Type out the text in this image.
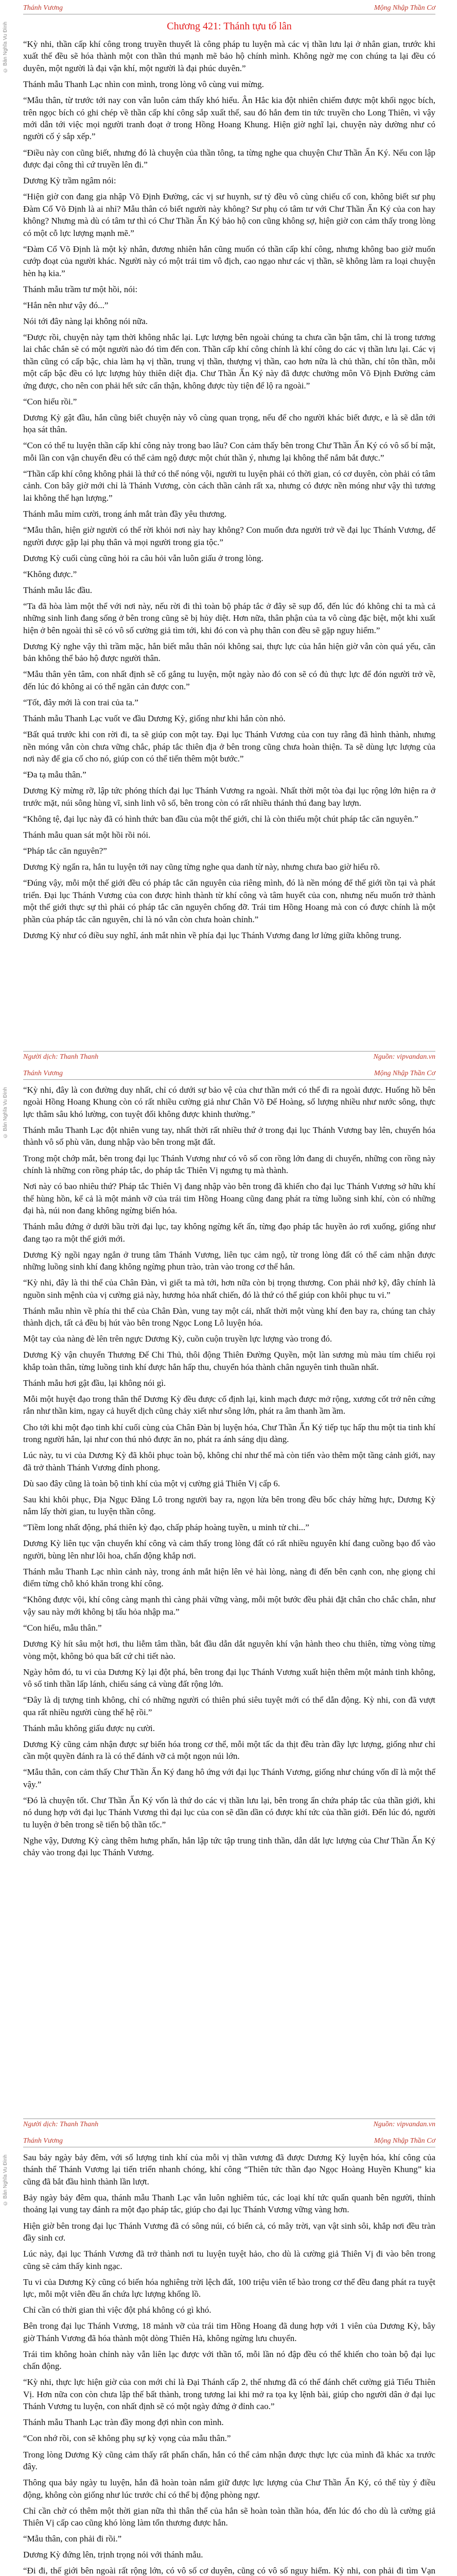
© Bản Nghĩa Vu Đình
Thánh Vương	Mộng Nhập Thần Cơ
Chương 421: Thánh tựu tổ lân

“Kỳ nhi, thần cấp khí công trong truyền thuyết là công pháp tu luyện mà các vị thần lưu lại ở nhân gian, trước khi xuất thế đều sẽ hóa thành một con thần thú mạnh mẽ bảo hộ chính mình. Không ngờ mẹ con chúng ta lại đều có duyên, một người là đại vận khí, một người là đại phúc duyên.”

Thánh mẫu Thanh Lạc nhìn con mình, trong lòng vô cùng vui mừng.

“Mẫu thân, từ trước tới nay con vẫn luôn cảm thấy khó hiểu. Ân Hắc kia đột nhiên chiếm được một khối ngọc bích, trên ngọc bích có ghi chép về thần cấp khí công sắp xuất thế, sau đó hắn đem tin tức truyền cho Long Thiên, vì vậy mới dẫn tới việc mọi người tranh đoạt ở trong Hồng Hoang Khung. Hiện giờ nghĩ lại, chuyện này dường như có người cố ý sắp xếp.”

“Điều này con cũng biết, nhưng đó là chuyện của thần tông, ta từng nghe qua chuyện Chư Thần Ấn Ký. Nếu con lập được đại công thì cứ truyền lên đi.”

Dương Kỳ trầm ngâm nói:

“Hiện giờ con đang gia nhập Võ Định Đường, các vị sư huynh, sư tỷ đều vô cùng chiếu cố con, không biết sư phụ Đàm Cổ Võ Định là ai nhỉ? Mẫu thân có biết người này không? Sư phụ có tâm tư với Chư Thần Ấn Ký của con hay không? Nhưng mà dù có tâm tư thì có Chư Thần Ấn Ký bảo hộ con cũng không sợ, hiện giờ con cảm thấy trong lòng có một cỗ lực lượng mạnh mẽ.”

“Đàm Cổ Võ Định là một kỳ nhân, đương nhiên hắn cũng muốn có thần cấp khí công, nhưng không bao giờ muốn cướp đoạt của người khác. Người này có một trái tim vô địch, cao ngạo như các vị thần, sẽ không làm ra loại chuyện hèn hạ kia.”

Thánh mẫu trầm tư một hồi, nói:

“Hắn nên như vậy đó...”

Nói tới đây nàng lại không nói nữa.

“Được rồi, chuyện này tạm thời không nhắc lại. Lực lượng bên ngoài chúng ta chưa cần bận tâm, chỉ là trong tương lai chắc chắn sẽ có một người nào đó tìm đến con. Thần cấp khí công chính là khí công do các vị thần lưu lại. Các vị thần cũng có cấp bậc, chia làm hạ vị thần, trung vị thần, thượng vị thần, cao hơn nữa là chủ thần, chí tôn thần, mỗi một cấp bậc đều có lực lượng hủy thiên diệt địa. Chư Thần Ấn Ký này đã được chưởng môn Võ Định Đường cảm ứng được, cho nên con phải hết sức cẩn thận, không được tùy tiện để lộ ra ngoài.”

“Con hiểu rồi.”

Dương Kỳ gật đầu, hắn cũng biết chuyện này vô cùng quan trọng, nếu để cho người khác biết được, e là sẽ dẫn tới họa sát thân.

“Con có thể tu luyện thần cấp khí công này trong bao lâu? Con cảm thấy bên trong Chư Thần Ấn Ký có vô số bí mật, mỗi lần con vận chuyển đều có thể cảm ngộ được một chút thần ý, nhưng lại không thể nắm bắt được.”

“Thần cấp khí công không phải là thứ có thể nóng vội, người tu luyện phải có thời gian, có cơ duyên, còn phải có tâm cảnh. Con bây giờ mới chỉ là Thánh Vương, còn cách thần cảnh rất xa, nhưng có được nền móng như vậy thì tương lai không thể hạn lượng.”

Thánh mẫu mỉm cười, trong ánh mắt tràn đầy yêu thương.

“Mẫu thân, hiện giờ người có thể rời khỏi nơi này hay không? Con muốn đưa người trở về đại lục Thánh Vương, để người được gặp lại phụ thân và mọi người trong gia tộc.”

Dương Kỳ cuối cùng cũng hỏi ra câu hỏi vẫn luôn giấu ở trong lòng.

“Không được.”

Thánh mẫu lắc đầu.

“Ta đã hòa làm một thể với nơi này, nếu rời đi thì toàn bộ pháp tắc ở đây sẽ sụp đổ, đến lúc đó không chỉ ta mà cả những sinh linh đang sống ở bên trong cũng sẽ bị hủy diệt. Hơn nữa, thân phận của ta vô cùng đặc biệt, một khi xuất hiện ở bên ngoài thì sẽ có vô số cường giả tìm tới, khi đó con và phụ thân con đều sẽ gặp nguy hiểm.”

Dương Kỳ nghe vậy thì trầm mặc, hắn biết mẫu thân nói không sai, thực lực của hắn hiện giờ vẫn còn quá yếu, căn bản không thể bảo hộ được người thân.

“Mẫu thân yên tâm, con nhất định sẽ cố gắng tu luyện, một ngày nào đó con sẽ có đủ thực lực để đón người trở về, đến lúc đó không ai có thể ngăn cản được con.”

“Tốt, đây mới là con trai của ta.”

Thánh mẫu Thanh Lạc vuốt ve đầu Dương Kỳ, giống như khi hắn còn nhỏ.

“Bất quá trước khi con rời đi, ta sẽ giúp con một tay. Đại lục Thánh Vương của con tuy rằng đã hình thành, nhưng nền móng vẫn còn chưa vững chắc, pháp tắc thiên địa ở bên trong cũng chưa hoàn thiện. Ta sẽ dùng lực lượng của nơi này để gia cố cho nó, giúp con có thể tiến thêm một bước.”

“Đa tạ mẫu thân.”

Dương Kỳ mừng rỡ, lập tức phóng thích đại lục Thánh Vương ra ngoài. Nhất thời một tòa đại lục rộng lớn hiện ra ở trước mặt, núi sông hùng vĩ, sinh linh vô số, bên trong còn có rất nhiều thánh thú đang bay lượn.

“Không tệ, đại lục này đã có hình thức ban đầu của một thế giới, chỉ là còn thiếu một chút pháp tắc căn nguyên.”

Thánh mẫu quan sát một hồi rồi nói.

“Pháp tắc căn nguyên?”

Dương Kỳ ngẩn ra, hắn tu luyện tới nay cũng từng nghe qua danh từ này, nhưng chưa bao giờ hiểu rõ.

“Đúng vậy, mỗi một thế giới đều có pháp tắc căn nguyên của riêng mình, đó là nền móng để thế giới tồn tại và phát triển. Đại lục Thánh Vương của con được hình thành từ khí công và tâm huyết của con, nhưng nếu muốn trở thành một thế giới thực sự thì phải có pháp tắc căn nguyên chống đỡ. Trái tim Hồng Hoang mà con có được chính là một phần của pháp tắc căn nguyên, chỉ là nó vẫn còn chưa hoàn chỉnh.”

Dương Kỳ như có điều suy nghĩ, ánh mắt nhìn về phía đại lục Thánh Vương đang lơ lửng giữa không trung.

Người dịch: Thanh Thanh	Nguồn: vipvandan.vn
© Bản Nghĩa Vu Đình
Thánh Vương	Mộng Nhập Thần Cơ

“Kỳ nhi, đây là con đường duy nhất, chỉ có dưới sự bảo vệ của chư thần mới có thể đi ra ngoài được. Huống hồ bên ngoài Hồng Hoang Khung còn có rất nhiều cường giả như Chân Võ Đế Hoàng, số lượng nhiều như nước sông, thực lực thâm sâu khó lường, con tuyệt đối không được khinh thường.”

Thánh mẫu Thanh Lạc đột nhiên vung tay, nhất thời rất nhiều thứ ở trong đại lục Thánh Vương bay lên, chuyển hóa thành vô số phù văn, dung nhập vào bên trong mặt đất.

Trong một chớp mắt, bên trong đại lục Thánh Vương như có vô số con rồng lớn đang di chuyển, những con rồng này chính là những con rồng pháp tắc, do pháp tắc Thiên Vị ngưng tụ mà thành.

Nơi này có bao nhiêu thứ? Pháp tắc Thiên Vị đang nhập vào bên trong đã khiến cho đại lục Thánh Vương sở hữu khí thế hùng hồn, kể cả là một mảnh vỡ của trái tim Hồng Hoang cũng đang phát ra từng luồng sinh khí, còn có những đại hà, núi non đang không ngừng biến hóa.

Thánh mẫu đứng ở dưới bầu trời đại lục, tay không ngừng kết ấn, từng đạo pháp tắc huyền ảo rơi xuống, giống như đang tạo ra một thế giới mới.

Dương Kỳ ngồi ngay ngắn ở trung tâm Thánh Vương, liên tục cảm ngộ, từ trong lòng đất có thể cảm nhận được những luồng sinh khí đang không ngừng phun trào, tràn vào trong cơ thể hắn.

“Kỳ nhi, đây là thi thể của Chân Đàn, vì giết ta mà tới, hơn nữa còn bị trọng thương. Con phải nhớ kỹ, đây chính là nguồn sinh mệnh của vị cường giả này, hương hỏa nhất chiến, đó là thứ có thể giúp con khôi phục tu vi.”

Thánh mẫu nhìn về phía thi thể của Chân Đàn, vung tay một cái, nhất thời một vùng khí đen bay ra, chúng tan chảy thành dịch, tất cả đều bị hút vào bên trong Ngọc Long Lô luyện hóa.

Một tay của nàng đè lên trên ngực Dương Kỳ, cuồn cuộn truyền lực lượng vào trong đó.

Dương Kỳ vận chuyển Thương Đế Chi Thủ, thôi động Thiên Đường Quyền, một làn sương mù màu tím chiếu rọi khắp toàn thân, từng luồng tinh khí được hắn hấp thu, chuyển hóa thành chân nguyên tinh thuần nhất.

Thánh mẫu hơi gật đầu, lại không nói gì.

Mỗi một huyệt đạo trong thân thể Dương Kỳ đều được cố định lại, kinh mạch được mở rộng, xương cốt trở nên cứng rắn như thần kim, ngay cả huyết dịch cũng chảy xiết như sông lớn, phát ra âm thanh ầm ầm.

Cho tới khi một đạo tinh khí cuối cùng của Chân Đàn bị luyện hóa, Chư Thần Ấn Ký tiếp tục hấp thu một tia tinh khí trong người hắn, lại như con thú nhỏ được ăn no, phát ra ánh sáng dịu dàng.

Lúc này, tu vi của Dương Kỳ đã khôi phục toàn bộ, không chỉ như thế mà còn tiến vào thêm một tầng cảnh giới, nay đã trở thành Thánh Vương đỉnh phong.

Dù sao đây cũng là toàn bộ tinh khí của một vị cường giả Thiên Vị cấp 6.

Sau khi khôi phục, Địa Ngục Đăng Lô trong người bay ra, ngọn lửa bên trong đều bốc cháy hừng hực, Dương Kỳ nắm lấy thời gian, tu luyện thần công.

“Tiềm long nhất động, phá thiên kỳ đạo, chấp pháp hoàng tuyền, u minh tử chi...”

Dương Kỳ liên tục vận chuyển khí công và cảm thấy trong lòng đất có rất nhiều nguyên khí đang cuồng bạo đổ vào người, bùng lên như lôi hoa, chấn động khắp nơi.

Thánh mẫu Thanh Lạc nhìn cảnh này, trong ánh mắt hiện lên vẻ hài lòng, nàng đi đến bên cạnh con, nhẹ giọng chỉ điểm từng chỗ khó khăn trong khí công.

“Không được vội, khí công càng mạnh thì càng phải vững vàng, mỗi một bước đều phải đặt chân cho chắc chắn, như vậy sau này mới không bị tẩu hỏa nhập ma.”

“Con hiểu, mẫu thân.”

Dương Kỳ hít sâu một hơi, thu liễm tâm thần, bắt đầu dẫn dắt nguyên khí vận hành theo chu thiên, từng vòng từng vòng một, không bỏ qua bất cứ chi tiết nào.

Ngày hôm đó, tu vi của Dương Kỳ lại đột phá, bên trong đại lục Thánh Vương xuất hiện thêm một mảnh tinh không, vô số tinh thần lấp lánh, chiếu sáng cả vùng đất rộng lớn.

“Đây là dị tượng tinh không, chỉ có những người có thiên phú siêu tuyệt mới có thể dẫn động. Kỳ nhi, con đã vượt qua rất nhiều người cùng thế hệ rồi.”

Thánh mẫu không giấu được nụ cười.

Dương Kỳ cũng cảm nhận được sự biến hóa trong cơ thể, mỗi một tấc da thịt đều tràn đầy lực lượng, giống như chỉ cần một quyền đánh ra là có thể đánh vỡ cả một ngọn núi lớn.

“Mẫu thân, con cảm thấy Chư Thần Ấn Ký đang hô ứng với đại lục Thánh Vương, giống như chúng vốn dĩ là một thể vậy.”

“Đó là chuyện tốt. Chư Thần Ấn Ký vốn là thứ do các vị thần lưu lại, bên trong ẩn chứa pháp tắc của thần giới, khi nó dung hợp với đại lục Thánh Vương thì đại lục của con sẽ dần dần có được khí tức của thần giới. Đến lúc đó, người tu luyện ở bên trong sẽ tiến bộ thần tốc.”

Nghe vậy, Dương Kỳ càng thêm hưng phấn, hắn lập tức tập trung tinh thần, dẫn dắt lực lượng của Chư Thần Ấn Ký chảy vào trong đại lục Thánh Vương.

Người dịch: Thanh Thanh	Nguồn: vipvandan.vn
© Bản Nghĩa Vu Đình
Thánh Vương	Mộng Nhập Thần Cơ

Sau bảy ngày bảy đêm, với số lượng tinh khí của mỗi vị thần vương đã được Dương Kỳ luyện hóa, khí công của thánh thể Thánh Vương lại tiến triển nhanh chóng, khí công “Thiên tức thần đạo Ngọc Hoàng Huyền Khung” kia cũng đã bắt đầu hình thành lần lượt.

Bảy ngày bảy đêm qua, thánh mẫu Thanh Lạc vẫn luôn nghiêm túc, các loại khí tức quấn quanh bên người, thỉnh thoảng lại vung tay đánh ra một đạo pháp tắc, giúp cho đại lục Thánh Vương vững vàng hơn.

Hiện giờ bên trong đại lục Thánh Vương đã có sông núi, có biển cả, có mây trời, vạn vật sinh sôi, khắp nơi đều tràn đầy sinh cơ.

Lúc này, đại lục Thánh Vương đã trở thành nơi tu luyện tuyệt hảo, cho dù là cường giả Thiên Vị đi vào bên trong cũng sẽ cảm thấy kinh ngạc.

Tu vi của Dương Kỳ cũng có biến hóa nghiêng trời lệch đất, 100 triệu viên tế bào trong cơ thể đều đang phát ra tuyệt lực, mỗi một viên đều ẩn chứa lực lượng khổng lồ.

Chỉ cần có thời gian thì việc đột phá không có gì khó.

Bên trong đại lục Thánh Vương, 18 mảnh vỡ của trái tim Hồng Hoang đã dung hợp với 1 viên của Dương Kỳ, bây giờ Thánh Vương đã hóa thành một dòng Thiên Hà, không ngừng lưu chuyển.

Trái tim không hoàn chỉnh này vẫn liên lạc được với thần tổ, mỗi lần nó đập đều có thể khiến cho toàn bộ đại lục chấn động.

“Kỳ nhi, thực lực hiện giờ của con mới chỉ là Đại Thánh cấp 2, thế nhưng đã có thể đánh chết cường giả Tiểu Thiên Vị. Hơn nữa con còn chưa lập thế bất thành, trong tương lai khi mở ra tọa kỵ lệnh bài, giúp cho người dân ở đại lục Thánh Vương tu luyện, con nhất định sẽ có một ngày đứng ở đỉnh cao.”

Thánh mẫu Thanh Lạc tràn đầy mong đợi nhìn con mình.

“Con nhớ rồi, con sẽ không phụ sự kỳ vọng của mẫu thân.”

Trong lòng Dương Kỳ cũng cảm thấy rất phấn chấn, hắn có thể cảm nhận được thực lực của mình đã khác xa trước đây.

Thông qua bảy ngày tu luyện, hắn đã hoàn toàn nắm giữ được lực lượng của Chư Thần Ấn Ký, có thể tùy ý điều động, không còn giống như lúc trước chỉ có thể bị động phòng ngự.

Chỉ cần chờ có thêm một thời gian nữa thì thân thể của hắn sẽ hoàn toàn thần hóa, đến lúc đó cho dù là cường giả Thiên Vị cấp cao cũng khó lòng làm tổn thương được hắn.

“Mẫu thân, con phải đi rồi.”

Dương Kỳ đứng lên, trịnh trọng nói với thánh mẫu.

“Đi đi, thế giới bên ngoài rất rộng lớn, có vô số cơ duyên, cũng có vô số nguy hiểm. Kỳ nhi, con phải đi tìm Vạn
